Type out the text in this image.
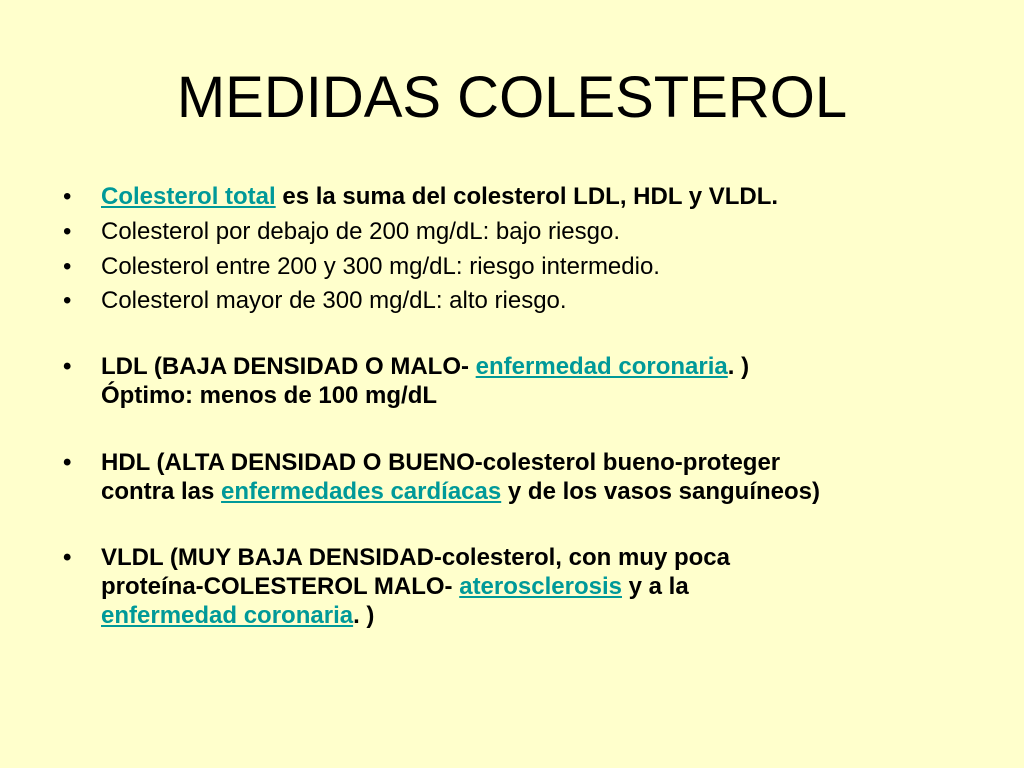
MEDIDAS COLESTEROL
•	Colesterol total es la suma del colesterol LDL, HDL y VLDL.
•	Colesterol por debajo de 200 mg/dL: bajo riesgo.
•	Colesterol entre 200 y 300 mg/dL: riesgo intermedio.
•	Colesterol mayor de 300 mg/dL: alto riesgo.
•	LDL (BAJA DENSIDAD O MALO- enfermedad coronaria. )
Óptimo: menos de 100 mg/dL
•	HDL (ALTA DENSIDAD O BUENO-colesterol bueno-proteger
contra las enfermedades cardíacas y de los vasos sanguíneos)
•	VLDL (MUY BAJA DENSIDAD-colesterol, con muy poca
proteína-COLESTEROL MALO- aterosclerosis y a la
enfermedad coronaria. )
